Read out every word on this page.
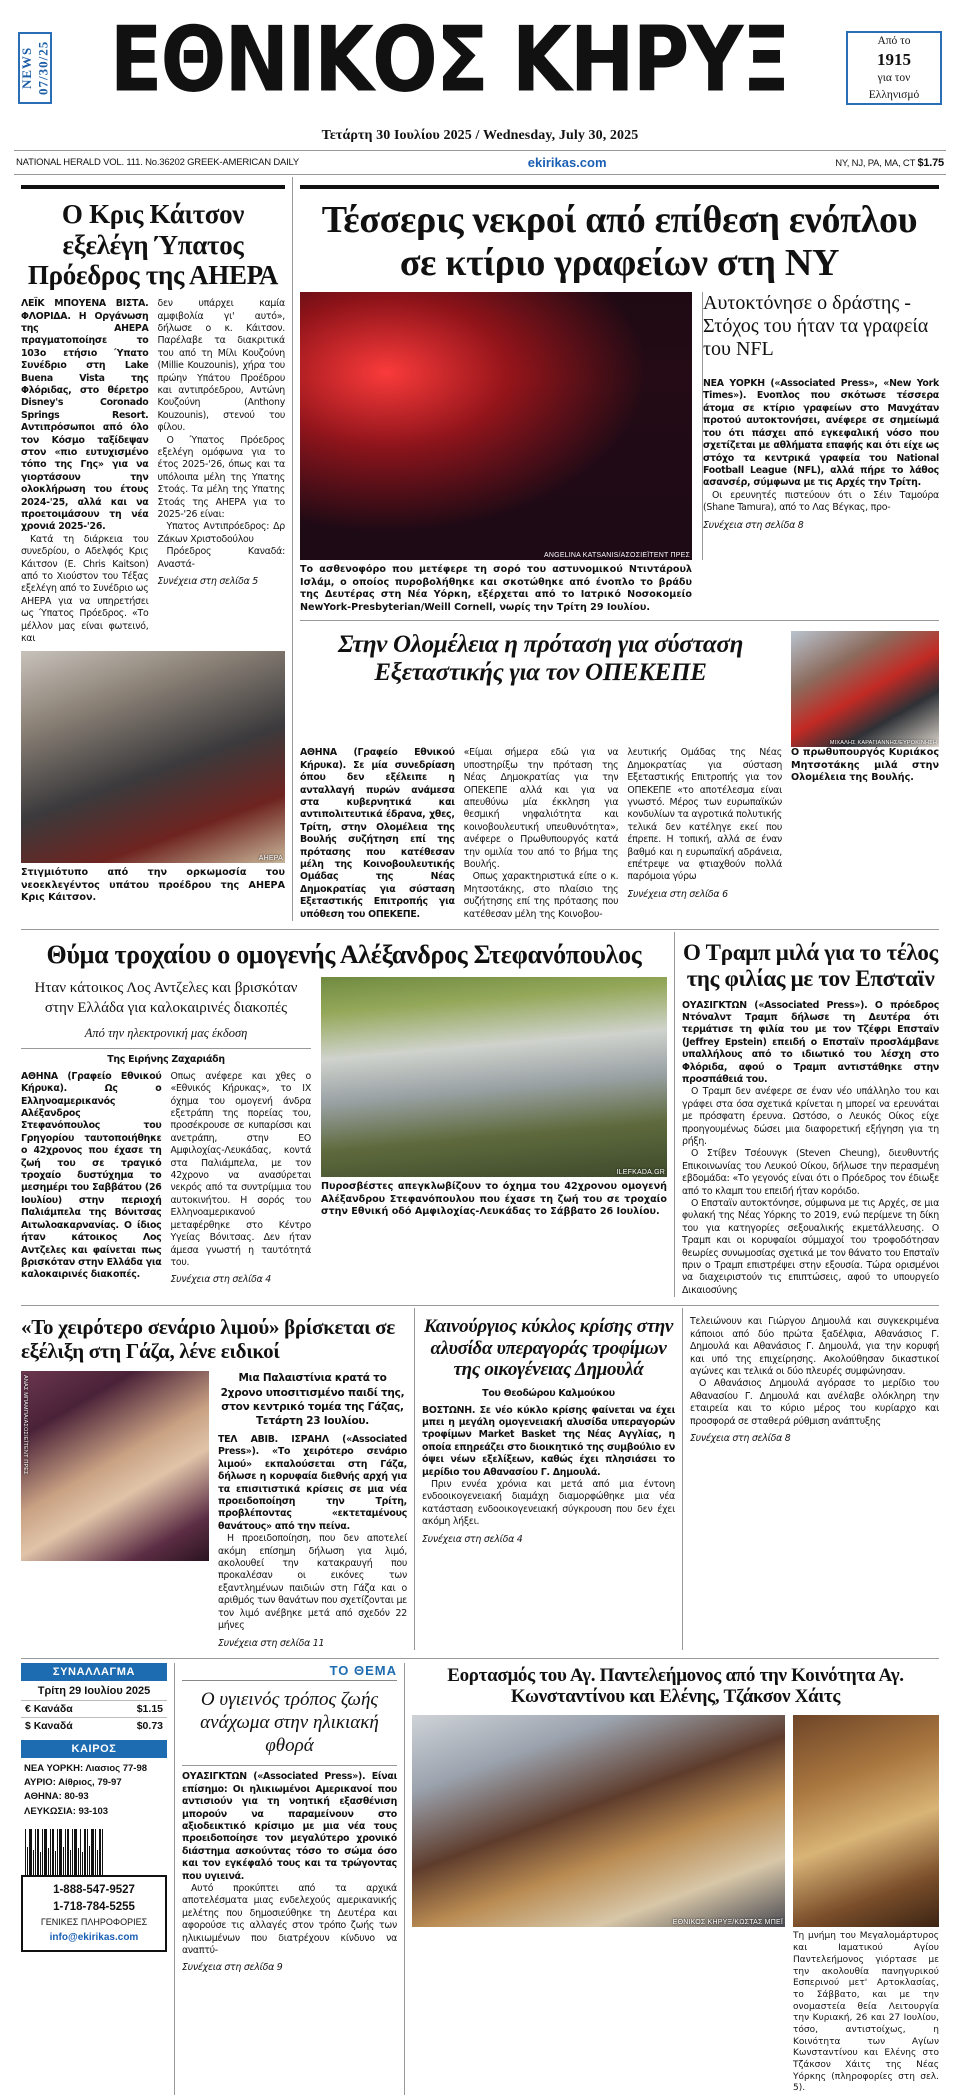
NEWS 07/30/25 ΕΘΝΙΚΟΣ ΚΗΡΥΞ	Από το
1915
για τον
Ελληνισμό
Τετάρτη 30 Ιουλίου 2025 / Wednesday, July 30, 2025
NATIONAL HERALD VOL. 111. No.36202 GREEK-AMERICAN DAILY	ekirikas.com	NY, NJ, PA, MA, CT $1.75
Ο Κρις Κάιτσον εξελέγη Ύπατος Πρόεδρος της ΑΗΕΡΑ

ΛΕΪΚ ΜΠΟΥΕΝΑ ΒΙΣΤΑ. ΦΛΟΡΙΔΑ. Η Οργάνωση της ΑΗΕΡΑ πραγματοποίησε το 103ο ετήσιο Ύπατο Συνέδριο στη Lake Buena Vista της Φλόριδας, στο θέρετρο Disney's Coronado Springs Resort. Αντιπρόσωποι από όλο τον Κόσμο ταξίδεψαν στον «πιο ευτυχισμένο τόπο της Γης» για να γιορτάσουν την ολοκλήρωση του έτους 2024-'25, αλλά και να προετοιμάσουν τη νέα χρονιά 2025-'26.

Κατά τη διάρκεια του συνεδρίου, ο Αδελφός Κρις Κάιτσον (Ε. Chris Kaitson) από το Χιούστον του Τέξας εξελέγη από το Συνέδριο ως ΑΗΕΡΑ για να υπηρετήσει ως Ύπατος Πρόεδρος. «Το μέλλον μας είναι φωτεινό, και

δεν υπάρχει καμία αμφιβολία γι' αυτό», δήλωσε ο κ. Κάιτσον. Παρέλαβε τα διακριτικά του από τη Μίλι Κουζούνη (Millie Kouzounis), χήρα του πρώην Υπάτου Προέδρου και αντιπρόεδρου, Αντώνη Κουζούνη (Anthony Kouzounis), στενού του φίλου.

Ο Ύπατος Πρόεδρος εξελέγη ομόφωνα για το έτος 2025-'26, όπως και τα υπόλοιπα μέλη της Υπατης Στοάς. Τα μέλη της Υπατης Στοάς της ΑΗΕΡΑ για το 2025-'26 είναι:

Υπατος Αντιπρόεδρος: Δρ Ζάκων Χριστοδούλου

Πρόεδρος Καναδά: Αναστά-

Συνέχεια στη σελίδα 5
ΑΗΕΡΑ
Στιγμιότυπο από την ορκωμοσία του νεοεκλεγέντος υπάτου προέδρου της ΑΗΕΡΑ Κρις Κάιτσον.
Τέσσερις νεκροί από επίθεση ενόπλου σε κτίριο γραφείων στη ΝΥ
ANGELINA KATSANIS/ΑΣΟΣΙΕΪΤΕΝΤ ΠΡΕΣ
Αυτοκτόνησε ο δράστης - Στόχος του ήταν τα γραφεία του NFL

ΝΕΑ ΥΟΡΚΗ («Associated Press», «New York Times»). Ενοπλος που σκότωσε τέσσερα άτομα σε κτίριο γραφείων στο Μανχάταν προτού αυτοκτονήσει, ανέφερε σε σημείωμά του ότι πάσχει από εγκεφαλική νόσο που σχετίζεται με αθλήματα επαφής και ότι είχε ως στόχο τα κεντρικά γραφεία του National Football League (NFL), αλλά πήρε το λάθος ασανσέρ, σύμφωνα με τις Αρχές την Τρίτη.

Οι ερευνητές πιστεύουν ότι ο Σέιν Ταμούρα (Shane Tamura), από το Λας Βέγκας, προ-

Συνέχεια στη σελίδα 8
Το ασθενοφόρο που μετέφερε τη σορό του αστυνομικού Ντιντάρουλ Ισλάμ, ο οποίος πυροβολήθηκε και σκοτώθηκε από ένοπλο το βράδυ της Δευτέρας στη Νέα Υόρκη, εξέρχεται από το Ιατρικό Νοσοκομείο NewYork-Presbyterian/Weill Cornell, νωρίς την Τρίτη 29 Ιουλίου.
Στην Ολομέλεια η πρόταση για σύσταση Εξεταστικής για τον ΟΠΕΚΕΠΕ
ΜΙΧΑΛΗΣ ΚΑΡΑΓΙΑΝΝΗΣ/ΕΥΡΟΚΙΝΗΣΗ

ΑΘΗΝΑ (Γραφείο Εθνικού Κήρυκα). Σε μία συνεδρίαση όπου δεν εξέλειπε η ανταλλαγή πυρών ανάμεσα στα κυβερνητικά και αντιπολιτευτικά έδρανα, χθες, Τρίτη, στην Ολομέλεια της Βουλής συζήτηση επί της πρότασης που κατέθεσαν μέλη της Κοινοβουλευτικής Ομάδας της Νέας Δημοκρατίας για σύσταση Εξεταστικής Επιτροπής για υπόθεση του ΟΠΕΚΕΠΕ.

«Είμαι σήμερα εδώ για να υποστηρίξω την πρόταση της Νέας Δημοκρατίας για την ΟΠΕΚΕΠΕ αλλά και για να απευθύνω μία έκκληση για θεσμική νηφαλιότητα και κοινοβουλευτική υπευθυνότητα», ανέφερε ο Πρωθυπουργός κατά την ομιλία του από το βήμα της Βουλής.

Οπως χαρακτηριστικά είπε ο κ. Μητσοτάκης, στο πλαίσιο της συζήτησης επί της πρότασης που κατέθεσαν μέλη της Κοινοβου-

λευτικής Ομάδας της Νέας Δημοκρατίας για σύσταση Εξεταστικής Επιτροπής για τον ΟΠΕΚΕΠΕ «το αποτέλεσμα είναι γνωστό. Μέρος των ευρωπαϊκών κονδυλίων τα αγροτικά πολυτικής τελικά δεν κατέληγε εκεί που έπρεπε. Η τοπική, αλλά σε έναν βαθμό και η ευρωπαϊκή αδράνεια, επέτρεψε να φτιαχθούν πολλά παρόμοια γύρω

Συνέχεια στη σελίδα 6
Ο πρωθυπουργός Κυριάκος Μητσοτάκης μιλά στην Ολομέλεια της Βουλής.
Θύμα τροχαίου ο ομογενής Αλέξανδρος Στεφανόπουλος
Ηταν κάτοικος Λος Αντζελες και βρισκόταν στην Ελλάδα για καλοκαιρινές διακοπές
Από την ηλεκτρονική μας έκδοση
Της Ειρήνης Ζαχαριάδη

ΑΘΗΝΑ (Γραφείο Εθνικού Κήρυκα). Ως ο Ελληνοαμερικανός Αλέξανδρος Στεφανόπουλος του Γρηγορίου ταυτοποιήθηκε ο 42χρονος που έχασε τη ζωή του σε τραγικό τροχαίο δυστύχημα το μεσημέρι του Σαββάτου (26 Ιουλίου) στην περιοχή Παλιάμπελα της Βόνιτσας Αιτωλοακαρνανίας. Ο ίδιος ήταν κάτοικος Λος Αντζελες και φαίνεται πως βρισκόταν στην Ελλάδα για καλοκαιρινές διακοπές.

Οπως ανέφερε και χθες ο «Εθνικός Κήρυκας», το IX όχημα του ομογενή άνδρα εξετράπη της πορείας του, προσέκρουσε σε κυπαρίσσι και ανετράπη, στην ΕΟ Αμφιλοχίας-Λευκάδας, κοντά στα Παλιάμπελα, με τον 42χρονο να ανασύρεται νεκρός από τα συντρίμμια του αυτοκινήτου. Η σορός του Ελληνοαμερικανού μεταφέρθηκε στο Κέντρο Υγείας Βόνιτσας. Δεν ήταν άμεσα γνωστή η ταυτότητά του.

Συνέχεια στη σελίδα 4
ILEFKADA.GR
Πυροσβέστες απεγκλωβίζουν το όχημα του 42χρονου ομογενή Αλέξανδρου Στεφανόπουλου που έχασε τη ζωή του σε τροχαίο στην Εθνική οδό Αμφιλοχίας-Λευκάδας το Σάββατο 26 Ιουλίου.
Ο Τραμπ μιλά για το τέλος της φιλίας με τον Επσταϊν

ΟΥΑΣΙΓΚΤΩΝ («Associated Press»). Ο πρόεδρος Ντόναλντ Τραμπ δήλωσε τη Δευτέρα ότι τερμάτισε τη φιλία του με τον Τζέφρι Επσταϊν (Jeffrey Epstein) επειδή ο Επσταϊν προσλάμβανε υπαλλήλους από το ιδιωτικό του λέσχη στο Φλόριδα, αφού ο Τραμπ αντιστάθηκε στην προσπάθειά του.

Ο Τραμπ δεν ανέφερε σε έναν νέο υπάλληλο του και γράφει στα όσα σχετικά κρίνεται η μπορεί να ερευνάται με πρόσφατη έρευνα. Ωστόσο, ο Λευκός Οίκος είχε προηγουμένως δώσει μια διαφορετική εξήγηση για τη ρήξη.

Ο Στίβεν Τσέουνγκ (Steven Cheung), διευθυντής Επικοινωνίας του Λευκού Οίκου, δήλωσε την περασμένη εβδομάδα: «Το γεγονός είναι ότι ο Πρόεδρος τον έδιωξε από το κλαμπ του επειδή ήταν κορόιδο.

Ο Επσταϊν αυτοκτόνησε, σύμφωνα με τις Αρχές, σε μια φυλακή της Νέας Υόρκης το 2019, ενώ περίμενε τη δίκη του για κατηγορίες σεξουαλικής εκμετάλλευσης. Ο Τραμπ και οι κορυφαίοι σύμμαχοί του τροφοδότησαν θεωρίες συνωμοσίας σχετικά με τον θάνατο του Επσταϊν πριν ο Τραμπ επιστρέψει στην εξουσία. Τώρα ορισμένοι να διαχειριστούν τις επιπτώσεις, αφού το υπουργείο Δικαιοσύνης

«Το χειρότερο σενάριο λιμού» βρίσκεται σε εξέλιξη στη Γάζα, λένε ειδικοί
ΑΝΑΣ ΜΠΑΜΠΑ/ΑΣΟΣΙΕΪΤΕΝΤ ΠΡΕΣ	Μια Παλαιστίνια κρατά το 2χρονο υποσιτισμένο παιδί της, στον κεντρικό τομέα της Γάζας, Τετάρτη 23 Ιουλίου.

ΤΕΛ ΑΒΙΒ. ΙΣΡΑΗΛ («Associated Press»). «Το χειρότερο σενάριο λιμού» εκπαλούσεται στη Γάζα, δήλωσε η κορυφαία διεθνής αρχή για τα επισιτιστικά κρίσεις σε μια νέα προειδοποίηση την Τρίτη, προβλέποντας «εκτεταμένους θανάτους» από την πείνα.

Η προειδοποίηση, που δεν αποτελεί ακόμη επίσημη δήλωση για λιμό, ακολουθεί την κατακραυγή που προκαλέσαν οι εικόνες των εξαντλημένων παιδιών στη Γάζα και ο αριθμός των θανάτων που σχετίζονται με τον λιμό ανέβηκε μετά από σχεδόν 22 μήνες

Συνέχεια στη σελίδα 11
Καινούργιος κύκλος κρίσης στην αλυσίδα υπεραγοράς τροφίμων της οικογένειας Δημουλά
Του Θεοδώρου Καλμούκου

ΒΟΣΤΩΝΗ. Σε νέο κύκλο κρίσης φαίνεται να έχει μπει η μεγάλη ομογενειακή αλυσίδα υπεραγορών τροφίμων Market Basket της Νέας Αγγλίας, η οποία επηρεάζει στο διοικητικό της συμβούλιο εν όψει νέων εξελίξεων, καθώς έχει πλησιάσει το μερίδιο του Αθανασίου Γ. Δημουλά.

Πριν εννέα χρόνια και μετά από μια έντονη ενδοοικογενειακή διαμάχη διαμορφώθηκε μια νέα κατάσταση ενδοοικογενειακή σύγκρουση που δεν έχει ακόμη λήξει.

Συνέχεια στη σελίδα 4

Τελειώνουν και Γιώργου Δημουλά και συγκεκριμένα κάποιοι από δύο πρώτα ξαδέλφια, Αθανάσιος Γ. Δημουλά και Αθανάσιος Γ. Δημουλά, για την κορυφή και υπό της επιχείρησης. Ακολούθησαν δικαστικοί αγώνες και τελικά οι δύο πλευρές συμφώνησαν.

Ο Αθανάσιος Δημουλά αγόρασε το μερίδιο του Αθανασίου Γ. Δημουλά και ανέλαβε ολόκληρη την εταιρεία και το κύριο μέρος του κυρίαρχο και προσφορά σε σταθερά ρύθμιση ανάπτυξης

Συνέχεια στη σελίδα 8
ΣΥΝΑΛΛΑΓΜΑ
Τρίτη 29 Ιουλίου 2025
€ Κανάδα	$1.15
$ Καναδά	$0.73
ΚΑΙΡΟΣ
ΝΕΑ ΥΟΡΚΗ: Λιασιος 77-98
ΑΥΡΙΟ: Αίθριος, 79-97
ΑΘΗΝΑ: 80-93
ΛΕΥΚΩΣΙΑ: 93-103
1-888-547-9527
1-718-784-5255
ΓΕΝΙΚΕΣ ΠΛΗΡΟΦΟΡΙΕΣ
info@ekirikas.com
ΤΟ ΘΕΜΑ
Ο υγιεινός τρόπος ζωής ανάχωμα στην ηλικιακή φθορά

ΟΥΑΣΙΓΚΤΩΝ («Associated Press»). Είναι επίσημο: Οι ηλικιωμένοι Αμερικανοί που αντισιούν για τη νοητική εξασθένιση μπορούν να παραμείνουν στο αξιοδεικτικό κρίσιμο με μια νέα τους προειδοποίησε τον μεγαλύτερο χρονικό διάστημα ασκούντας τόσο το σώμα όσο και τον εγκέφαλό τους και τα τρώγοντας που υγιεινά.

Αυτό προκύπτει από τα αρχικά αποτελέσματα μιας ενδελεχούς αμερικανικής μελέτης που δημοσιεύθηκε τη Δευτέρα και αφορούσε τις αλλαγές στον τρόπο ζωής των ηλικιωμένων που διατρέχουν κίνδυνο να αναπτύ-

Συνέχεια στη σελίδα 9
Εορτασμός του Αγ. Παντελεήμονος από την Κοινότητα Αγ. Κωνσταντίνου και Ελένης, Τζάκσον Χάιτς
ΕΘΝΙΚΟΣ ΚΗΡΥΞ/ΚΩΣΤΑΣ ΜΠΕΪ
Τη μνήμη του Μεγαλομάρτυρος και Ιαματικού Αγίου Παντελεήμονος γιόρτασε με την ακολουθία πανηγυρικού Εσπερινού μετ' Αρτοκλασίας, το Σάββατο, και με την ονομαστεία θεία Λειτουργία την Κυριακή, 26 και 27 Ιουλίου, τόσο, αντιστοίχως, η Κοινότητα των Αγίων Κωνσταντίνου και Ελένης στο Τζάκσον Χάιτς της Νέας Υόρκης (πληροφορίες στη σελ. 5).
